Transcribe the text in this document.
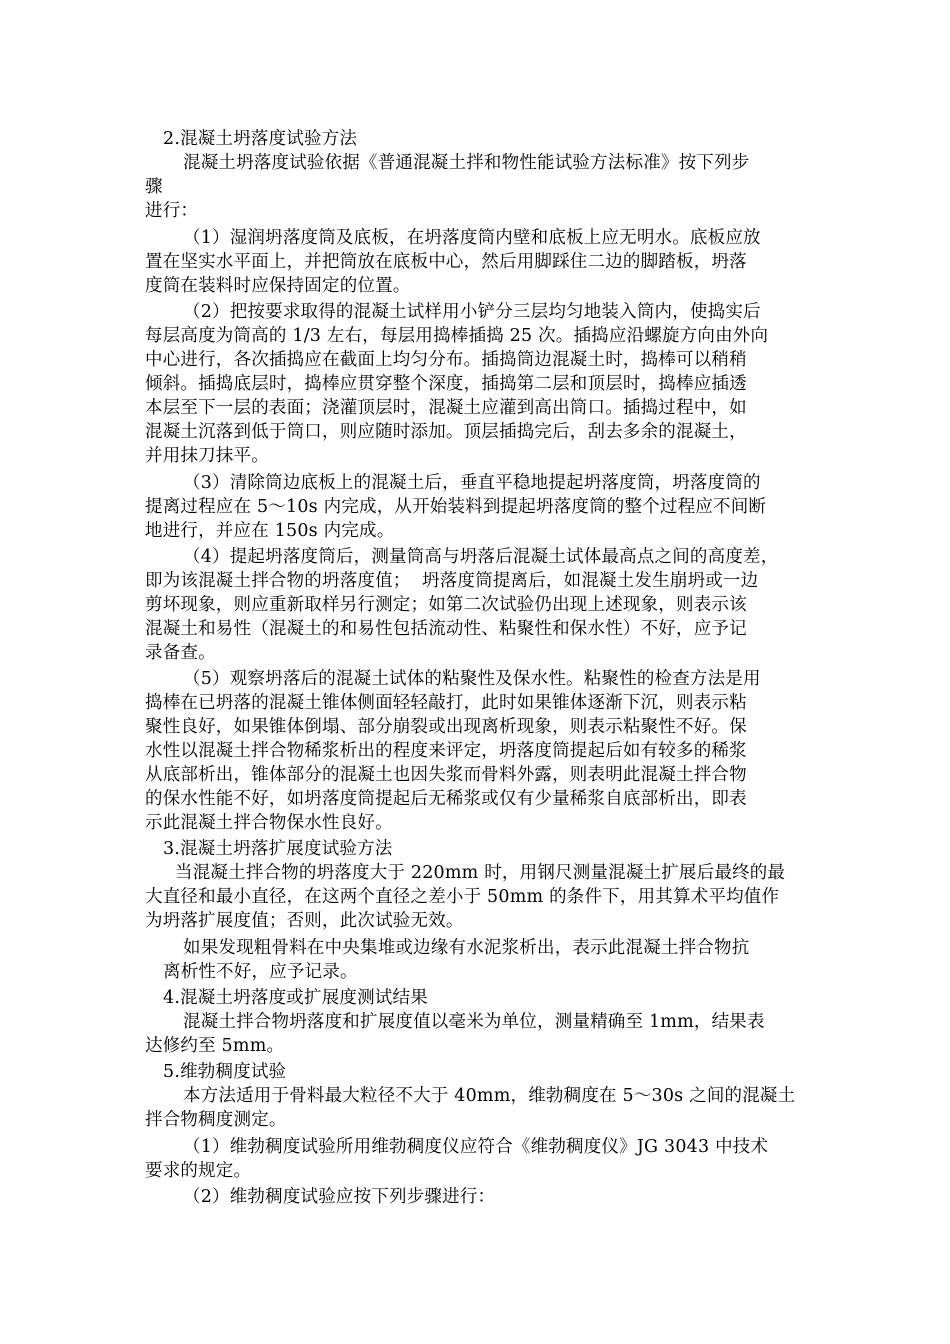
2.混凝土坍落度试验方法
混凝土坍落度试验依据《普通混凝土拌和物性能试验方法标准》按下列步
骤
进行：
（1）湿润坍落度筒及底板，在坍落度筒内壁和底板上应无明水。底板应放
置在坚实水平面上，并把筒放在底板中心，然后用脚踩住二边的脚踏板，坍落
度筒在装料时应保持固定的位置。
（2）把按要求取得的混凝土试样用小铲分三层均匀地装入筒内，使捣实后
每层高度为筒高的 1/3 左右，每层用捣棒插捣 25 次。插捣应沿螺旋方向由外向
中心进行，各次插捣应在截面上均匀分布。插捣筒边混凝土时，捣棒可以稍稍
倾斜。插捣底层时，捣棒应贯穿整个深度，插捣第二层和顶层时，捣棒应插透
本层至下一层的表面；浇灌顶层时，混凝土应灌到高出筒口。插捣过程中，如
混凝土沉落到低于筒口，则应随时添加。顶层插捣完后，刮去多余的混凝土，
并用抹刀抹平。
（3）清除筒边底板上的混凝土后，垂直平稳地提起坍落度筒，坍落度筒的
提离过程应在 5～10s 内完成，从开始装料到提起坍落度筒的整个过程应不间断
地进行，并应在 150s 内完成。
（4）提起坍落度筒后，测量筒高与坍落后混凝土试体最高点之间的高度差，
即为该混凝土拌合物的坍落度值；  坍落度筒提离后，如混凝土发生崩坍或一边
剪坏现象，则应重新取样另行测定；如第二次试验仍出现上述现象，则表示该
混凝土和易性（混凝土的和易性包括流动性、粘聚性和保水性）不好，应予记
录备查。
（5）观察坍落后的混凝土试体的粘聚性及保水性。粘聚性的检查方法是用
捣棒在已坍落的混凝土锥体侧面轻轻敲打，此时如果锥体逐渐下沉，则表示粘
聚性良好，如果锥体倒塌、部分崩裂或出现离析现象，则表示粘聚性不好。保
水性以混凝土拌合物稀浆析出的程度来评定，坍落度筒提起后如有较多的稀浆
从底部析出，锥体部分的混凝土也因失浆而骨料外露，则表明此混凝土拌合物
的保水性能不好，如坍落度筒提起后无稀浆或仅有少量稀浆自底部析出，即表
示此混凝土拌合物保水性良好。
3.混凝土坍落扩展度试验方法
当混凝土拌合物的坍落度大于 220mm 时，用钢尺测量混凝土扩展后最终的最
大直径和最小直径，在这两个直径之差小于 50mm 的条件下，用其算术平均值作
为坍落扩展度值；否则，此次试验无效。
如果发现粗骨料在中央集堆或边缘有水泥浆析出，表示此混凝土拌合物抗
离析性不好，应予记录。
4.混凝土坍落度或扩展度测试结果
混凝土拌合物坍落度和扩展度值以毫米为单位，测量精确至 1mm，结果表
达修约至 5mm。
5.维勃稠度试验
本方法适用于骨料最大粒径不大于 40mm，维勃稠度在 5～30s 之间的混凝土
拌合物稠度测定。
（1）维勃稠度试验所用维勃稠度仪应符合《维勃稠度仪》JG 3043 中技术
要求的规定。
（2）维勃稠度试验应按下列步骤进行：
